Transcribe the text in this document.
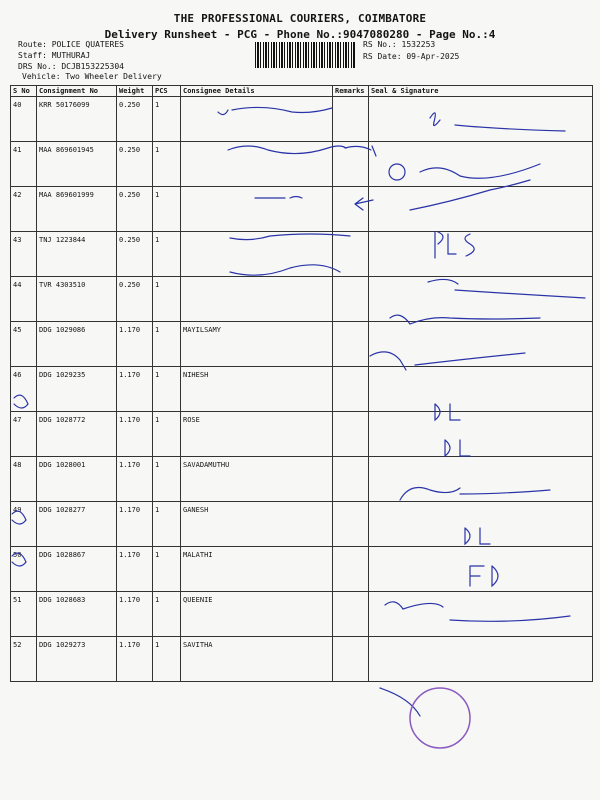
THE PROFESSIONAL COURIERS, COIMBATORE
Delivery Runsheet - PCG - Phone No.:9047080280 - Page No.:4
Route: POLICE QUATERES
Staff: MUTHURAJ
DRS No.: DCJB153225304
Vehicle: Two Wheeler Delivery
RS No.: 1532253
RS Date: 09-Apr-2025
S No	Consignment No	Weight	PCS	Consignee Details	Remarks	Seal & Signature
40	KRR 50176099	0.250	1			
41	MAA 869601945	0.250	1			
42	MAA 869601999	0.250	1			
43	TNJ 1223844	0.250	1			
44	TVR 4303510	0.250	1			
45	DDG 1029086	1.170	1	MAYILSAMY		
46	DDG 1029235	1.170	1	NIHESH		
47	DDG 1028772	1.170	1	ROSE		
48	DDG 1028001	1.170	1	SAVADAMUTHU		
49	DDG 1028277	1.170	1	GANESH		
50	DDG 1028867	1.170	1	MALATHI		
51	DDG 1028683	1.170	1	QUEENIE		
52	DDG 1029273	1.170	1	SAVITHA		
